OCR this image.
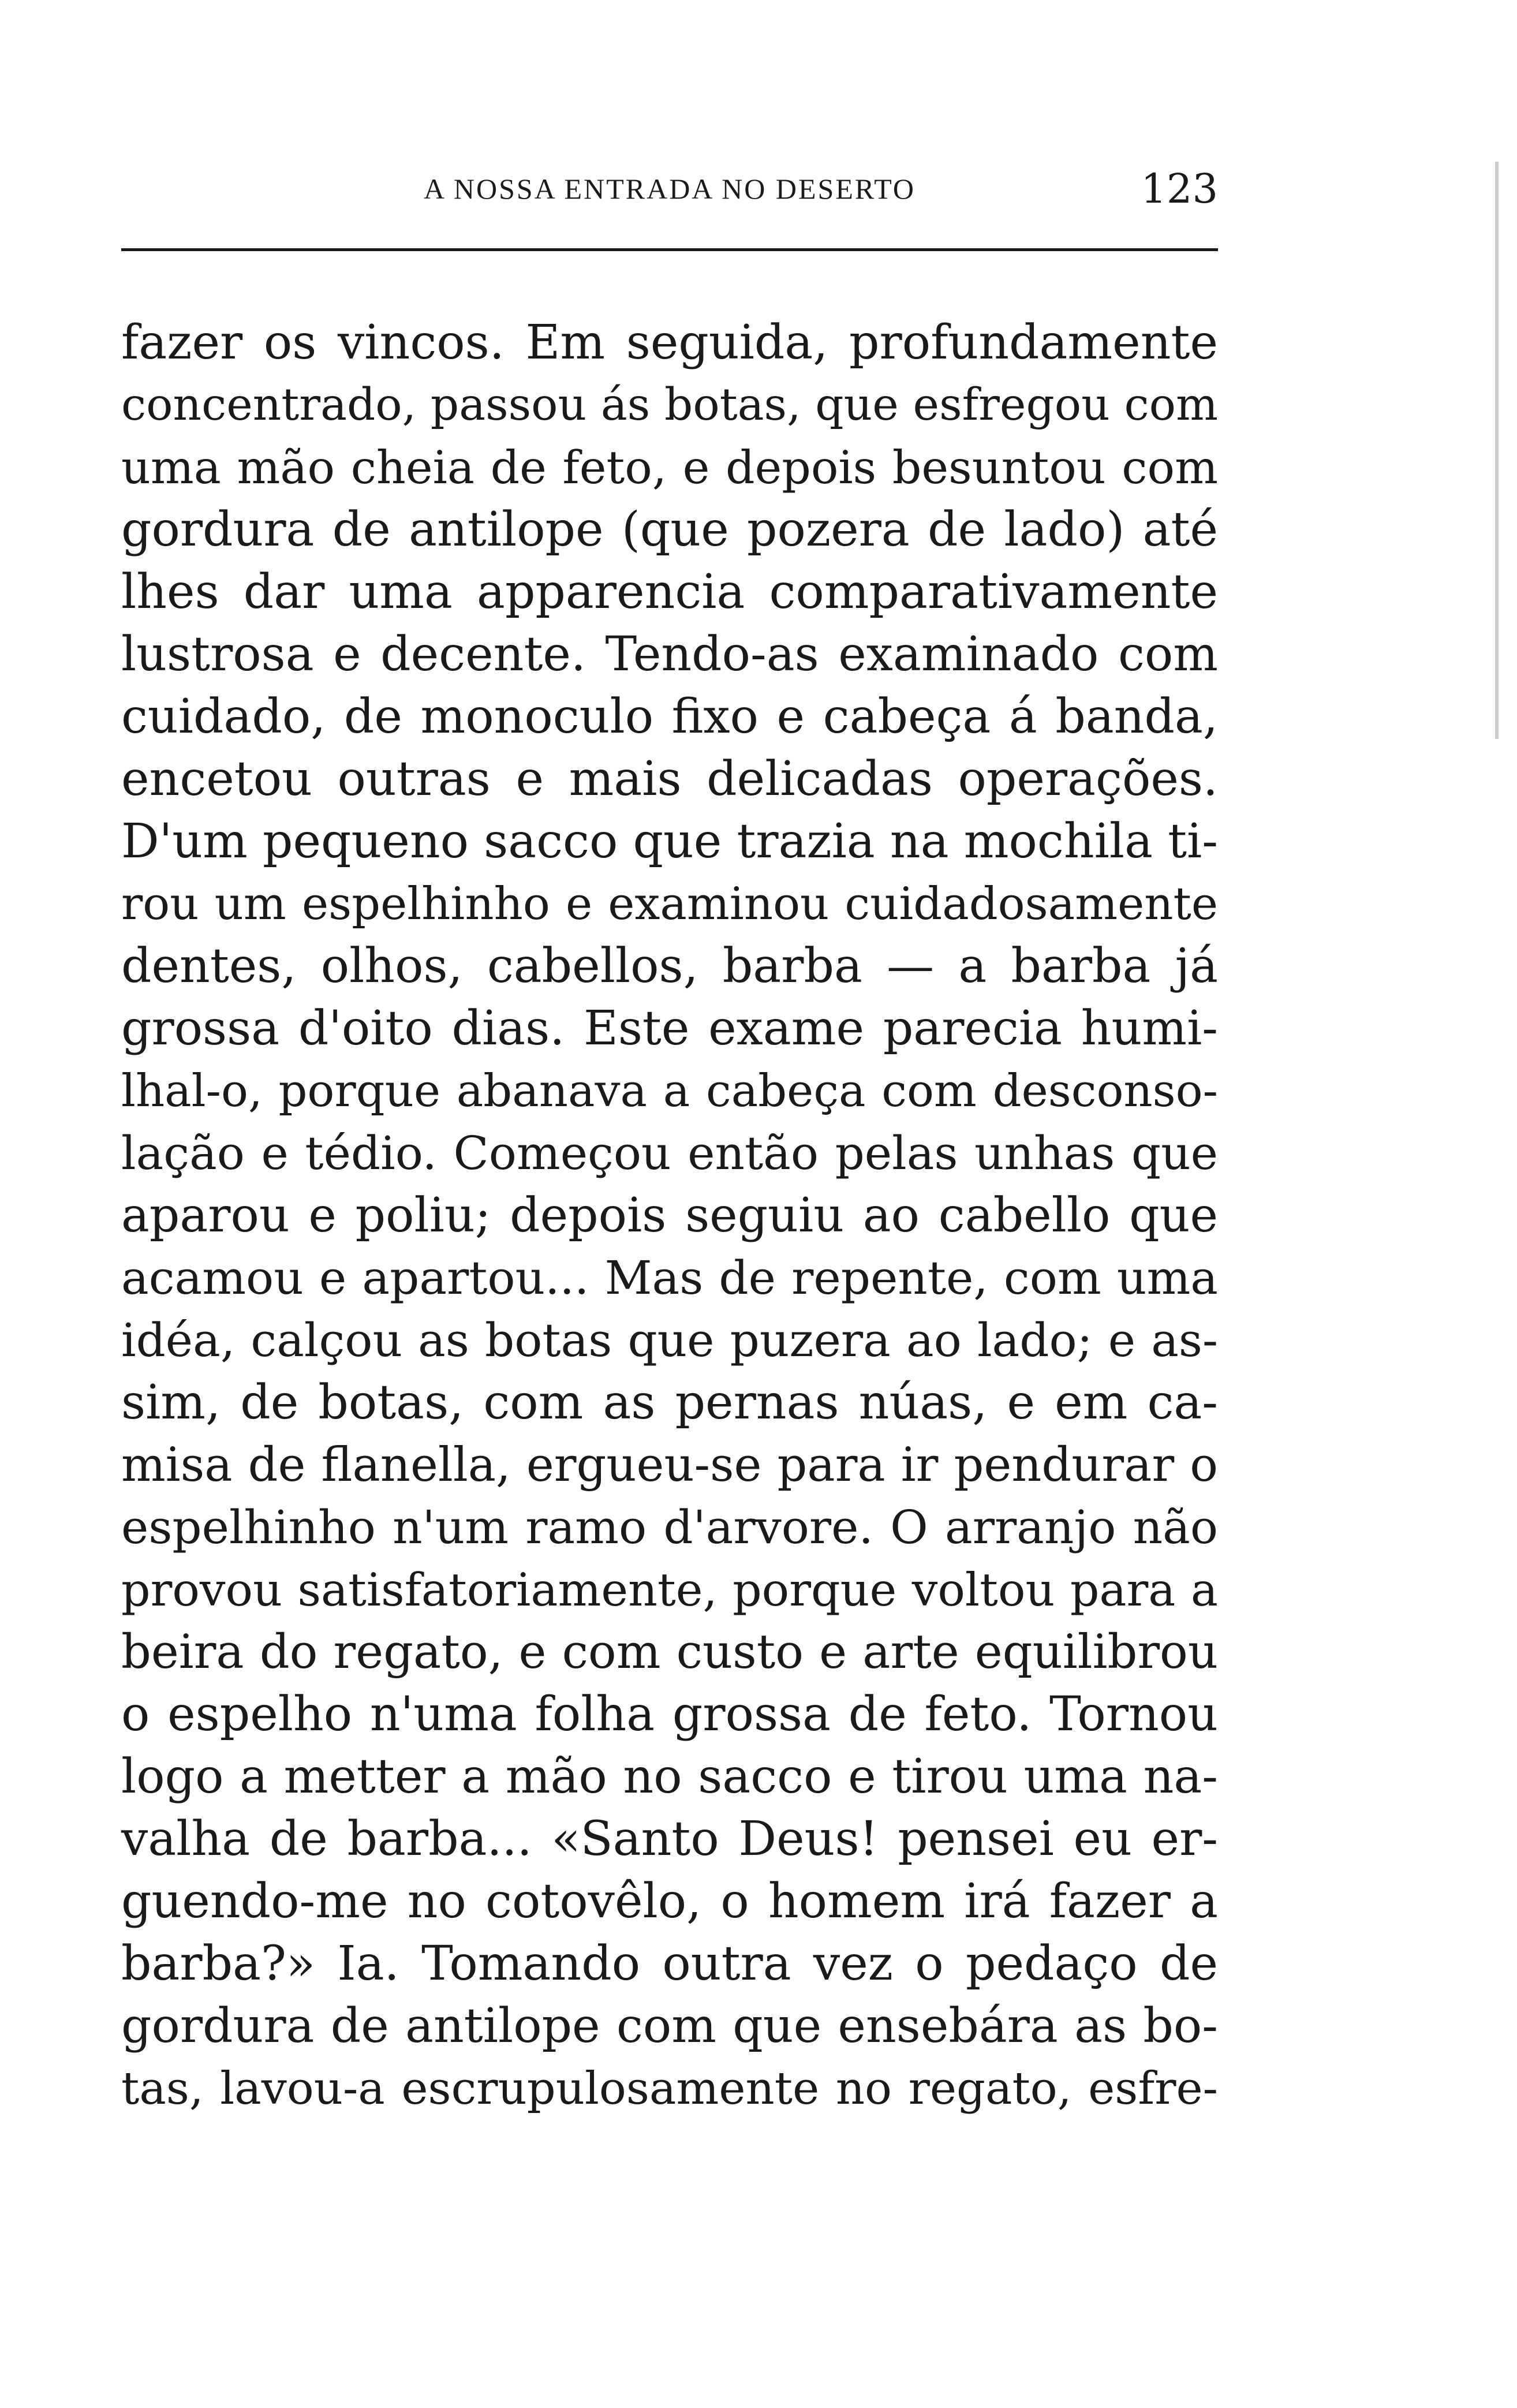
A NOSSA ENTRADA NO DESERTO	123
fazer os vincos. Em seguida, profundamente
concentrado, passou ás botas, que esfregou com
uma mão cheia de feto, e depois besuntou com
gordura de antilope (que pozera de lado) até
lhes dar uma apparencia comparativamente
lustrosa e decente. Tendo-as examinado com
cuidado, de monoculo fixo e cabeça á banda,
encetou outras e mais delicadas operações.
D'um pequeno sacco que trazia na mochila ti-
rou um espelhinho e examinou cuidadosamente
dentes, olhos, cabellos, barba — a barba já
grossa d'oito dias. Este exame parecia humi-
lhal-o, porque abanava a cabeça com desconso-
lação e tédio. Começou então pelas unhas que
aparou e poliu; depois seguiu ao cabello que
acamou e apartou... Mas de repente, com uma
idéa, calçou as botas que puzera ao lado; e as-
sim, de botas, com as pernas núas, e em ca-
misa de flanella, ergueu-se para ir pendurar o
espelhinho n'um ramo d'arvore. O arranjo não
provou satisfatoriamente, porque voltou para a
beira do regato, e com custo e arte equilibrou
o espelho n'uma folha grossa de feto. Tornou
logo a metter a mão no sacco e tirou uma na-
valha de barba... «Santo Deus! pensei eu er-
guendo-me no cotovêlo, o homem irá fazer a
barba?» Ia. Tomando outra vez o pedaço de
gordura de antilope com que ensebára as bo-
tas, lavou-a escrupulosamente no regato, esfre-
